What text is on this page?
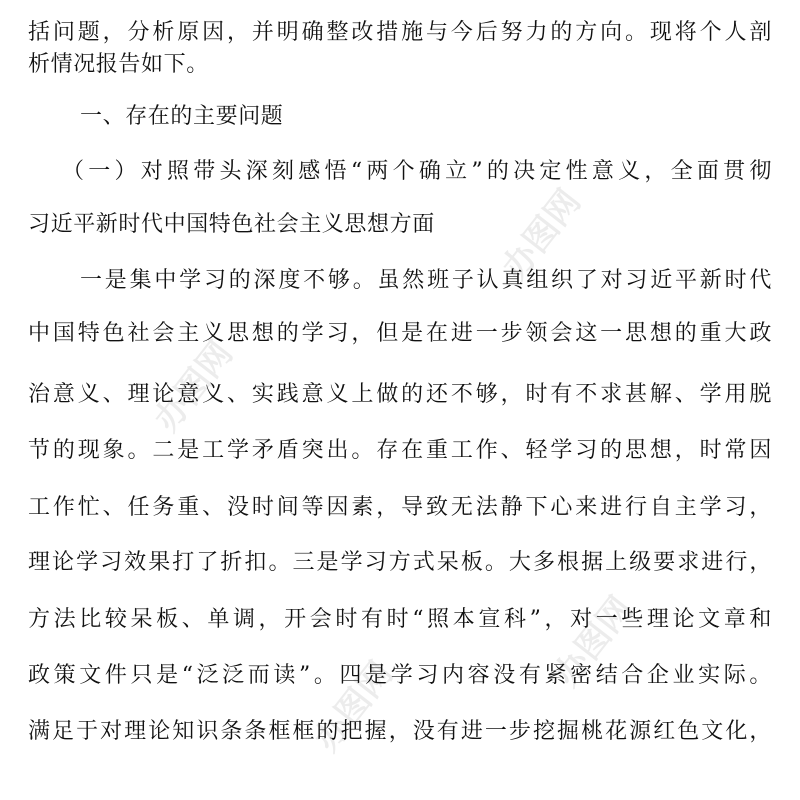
括问题，分析原因，并明确整改措施与今后努力的方向。现将个人剖
析情况报告如下。
一、存在的主要问题
（一）对照带头深刻感悟“两个确立”的决定性意义，全面贯彻
习近平新时代中国特色社会主义思想方面
一是集中学习的深度不够。虽然班子认真组织了对习近平新时代
中国特色社会主义思想的学习，但是在进一步领会这一思想的重大政
治意义、理论意义、实践意义上做的还不够，时有不求甚解、学用脱
节的现象。二是工学矛盾突出。存在重工作、轻学习的思想，时常因
工作忙、任务重、没时间等因素，导致无法静下心来进行自主学习，
理论学习效果打了折扣。三是学习方式呆板。大多根据上级要求进行，
方法比较呆板、单调，开会时有时“照本宣科”，对一些理论文章和
政策文件只是“泛泛而读”。四是学习内容没有紧密结合企业实际。
满足于对理论知识条条框框的把握，没有进一步挖掘桃花源红色文化，
办图网
办图网
办图网
办图网
